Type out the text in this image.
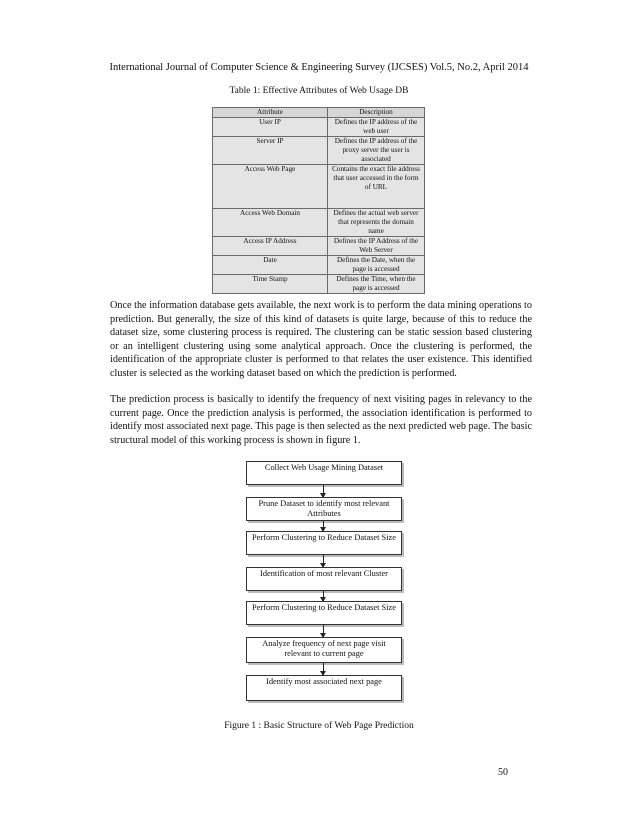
International Journal of Computer Science & Engineering Survey (IJCSES) Vol.5, No.2, April 2014
Table 1: Effective Attributes of Web Usage DB
Attribute	Description
User IP	Defines the IP address of the web user
Server IP	Defines the IP address of the proxy server the user is associated
Access Web Page	Contains the exact file address that user accessed in the form of URL
Access Web Domain	Defines the actual web server that represents the domain name
Access IP Address	Defines the IP Address of the Web Server
Date	Defines the Date, when the page is accessed
Time Stamp	Defines the Time, when the page is accessed

Once the information database gets available, the next work is to perform the data mining operations to prediction. But generally, the size of this kind of datasets is quite large, because of this to reduce the dataset size, some clustering process is required. The clustering can be static session based clustering or an intelligent clustering using some analytical approach. Once the clustering is performed, the identification of the appropriate cluster is performed to that relates the user existence. This identified cluster is selected as the working dataset based on which the prediction is performed.

The prediction process is basically to identify the frequency of next visiting pages in relevancy to the current page. Once the prediction analysis is performed, the association identification is performed to identify most associated next page. This page is then selected as the next predicted web page. The basic structural model of this working process is shown in figure 1.

Collect Web Usage Mining Dataset
Prune Dataset to identify most relevant Attributes
Perform Clustering to Reduce Dataset Size
Identification of most relevant Cluster
Perform Clustering to Reduce Dataset Size
Analyze frequency of next page visit relevant to current page
Identify most associated next page
Figure 1 : Basic Structure of Web Page Prediction
50
